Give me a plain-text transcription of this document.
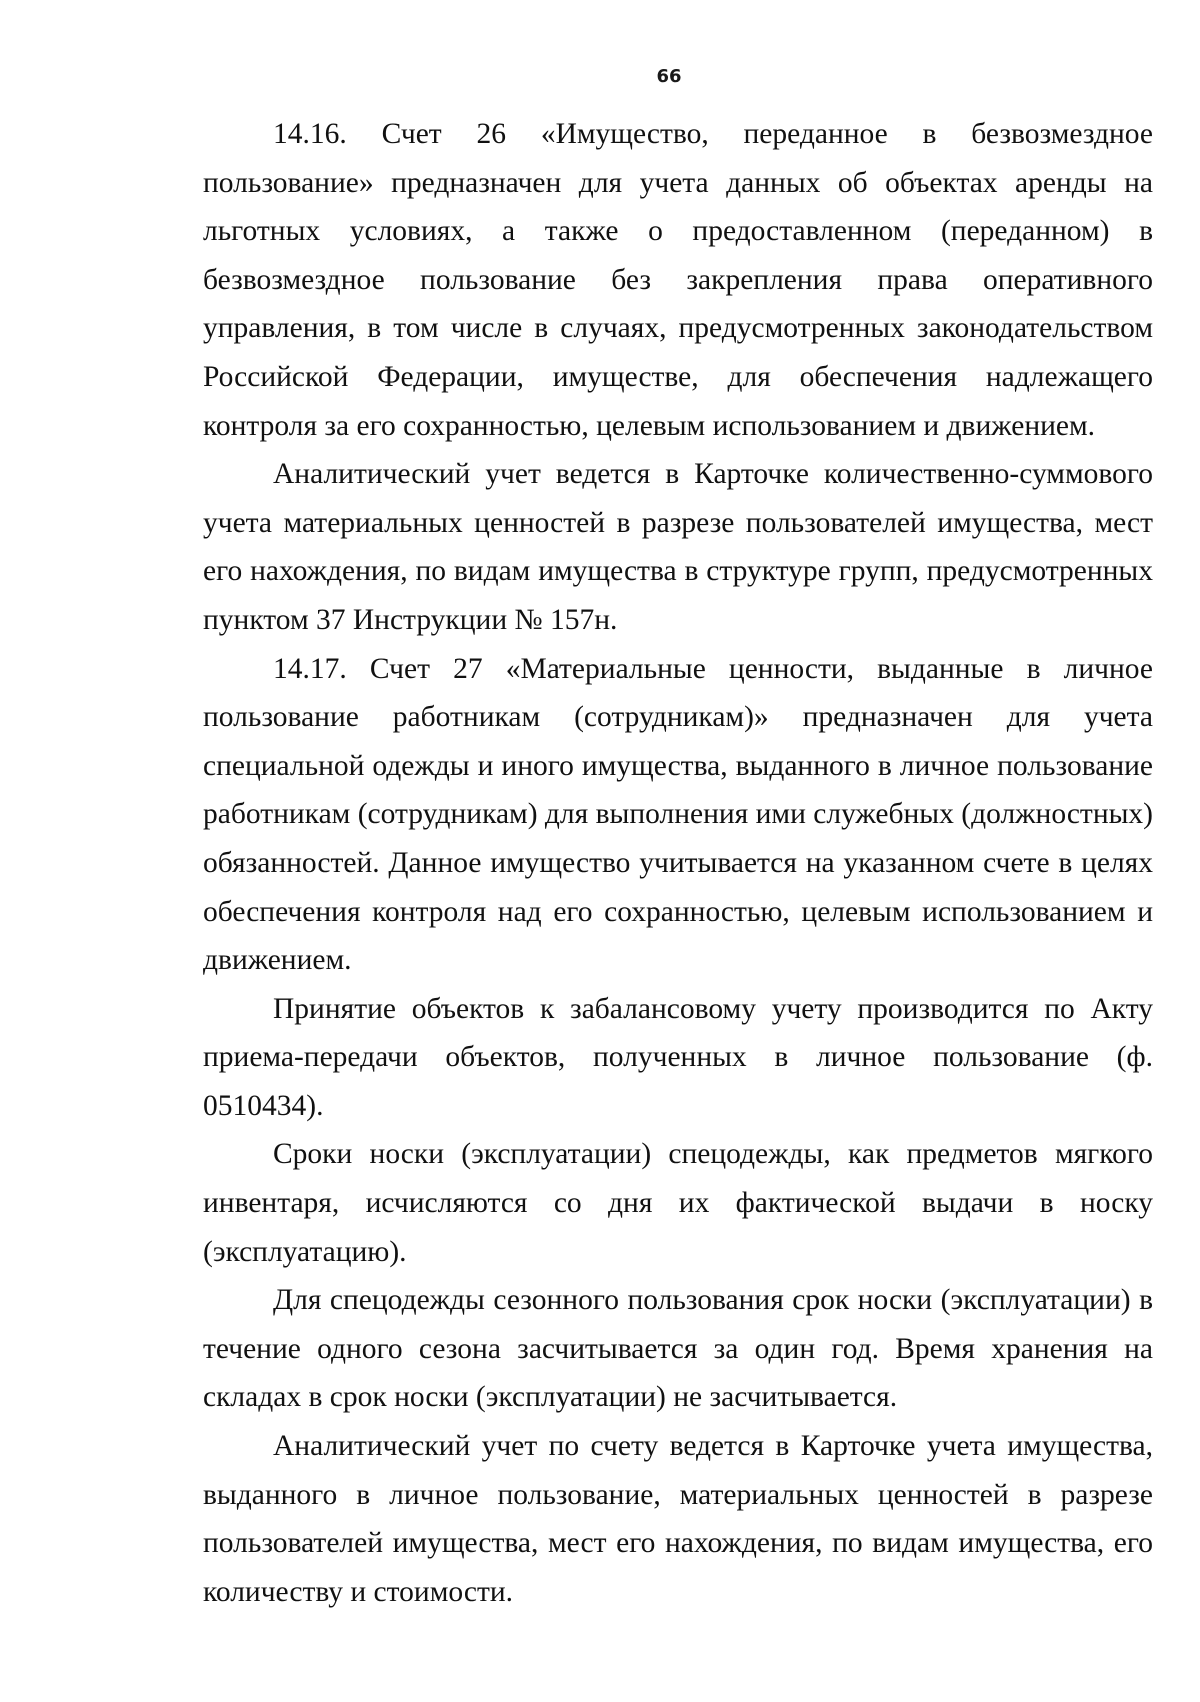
66

14.16. Счет 26 «Имущество, переданное в безвозмездное пользование» предназначен для учета данных об объектах аренды на льготных условиях, а также о предоставленном (переданном) в безвозмездное пользование без закрепления права оперативного управления, в том числе в случаях, предусмотренных законодательством Российской Федерации, имуществе, для обеспечения надлежащего контроля за его сохранностью, целевым использованием и движением.

Аналитический учет ведется в Карточке количественно-суммового учета материальных ценностей в разрезе пользователей имущества, мест его нахождения, по видам имущества в структуре групп, предусмотренных пунктом 37 Инструкции № 157н.

14.17. Счет 27 «Материальные ценности, выданные в личное пользование работникам (сотрудникам)» предназначен для учета специальной одежды и иного имущества, выданного в личное пользование работникам (сотрудникам) для выполнения ими служебных (должностных) обязанностей. Данное имущество учитывается на указанном счете в целях обеспечения контроля над его сохранностью, целевым использованием и движением.

Принятие объектов к забалансовому учету производится по Акту приема-передачи объектов, полученных в личное пользование (ф. 0510434).

Сроки носки (эксплуатации) спецодежды, как предметов мягкого инвентаря, исчисляются со дня их фактической выдачи в носку (эксплуатацию).

Для спецодежды сезонного пользования срок носки (эксплуатации) в течение одного сезона засчитывается за один год. Время хранения на складах в срок носки (эксплуатации) не засчитывается.

Аналитический учет по счету ведется в Карточке учета имущества, выданного в личное пользование, материальных ценностей в разрезе пользователей имущества, мест его нахождения, по видам имущества, его количеству и стоимости.
